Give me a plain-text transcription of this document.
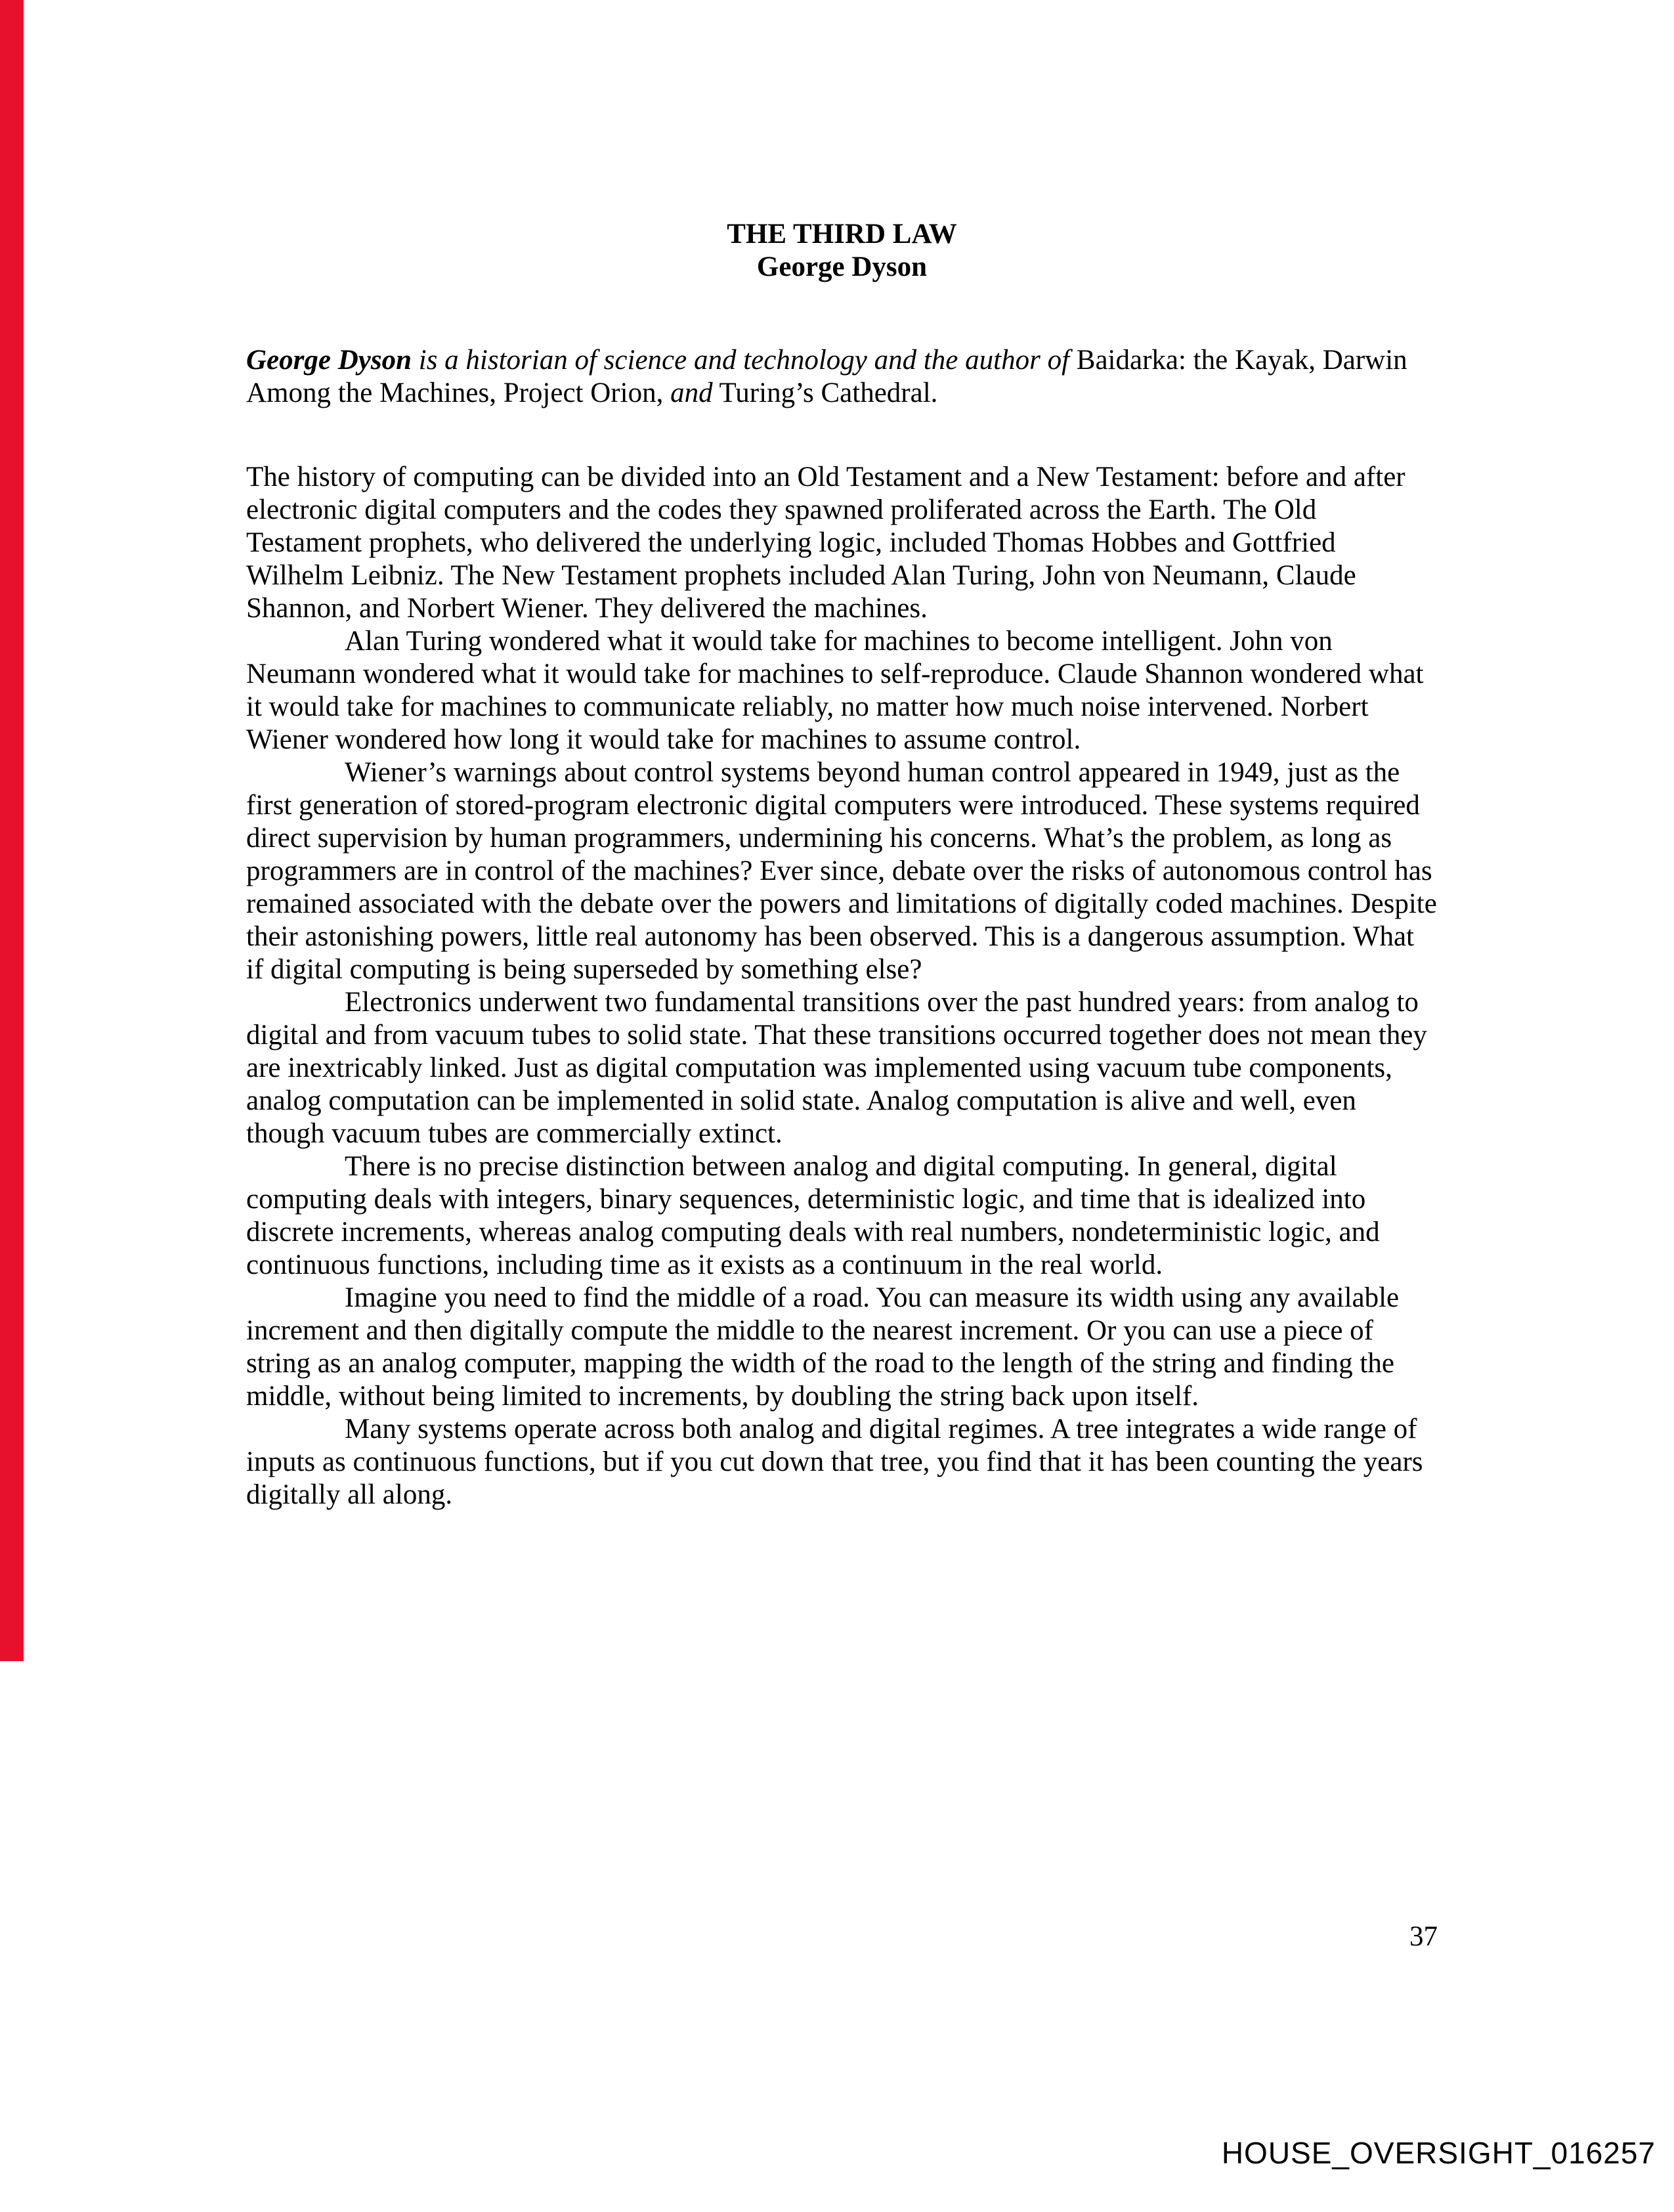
THE THIRD LAW
George Dyson

George Dyson is a historian of science and technology and the author of Baidarka: the Kayak, Darwin Among the Machines, Project Orion, and Turing’s Cathedral.

The history of computing can be divided into an Old Testament and a New Testament: before and after electronic digital computers and the codes they spawned proliferated across the Earth. The Old Testament prophets, who delivered the underlying logic, included Thomas Hobbes and Gottfried Wilhelm Leibniz. The New Testament prophets included Alan Turing, John von Neumann, Claude Shannon, and Norbert Wiener. They delivered the machines.

Alan Turing wondered what it would take for machines to become intelligent. John von Neumann wondered what it would take for machines to self-reproduce. Claude Shannon wondered what it would take for machines to communicate reliably, no matter how much noise intervened. Norbert Wiener wondered how long it would take for machines to assume control.

Wiener’s warnings about control systems beyond human control appeared in 1949, just as the first generation of stored-program electronic digital computers were introduced. These systems required direct supervision by human programmers, undermining his concerns. What’s the problem, as long as programmers are in control of the machines? Ever since, debate over the risks of autonomous control has remained associated with the debate over the powers and limitations of digitally coded machines. Despite their astonishing powers, little real autonomy has been observed. This is a dangerous assumption. What if digital computing is being superseded by something else?

Electronics underwent two fundamental transitions over the past hundred years: from analog to digital and from vacuum tubes to solid state. That these transitions occurred together does not mean they are inextricably linked. Just as digital computation was implemented using vacuum tube components, analog computation can be implemented in solid state. Analog computation is alive and well, even though vacuum tubes are commercially extinct.

There is no precise distinction between analog and digital computing. In general, digital computing deals with integers, binary sequences, deterministic logic, and time that is idealized into discrete increments, whereas analog computing deals with real numbers, nondeterministic logic, and continuous functions, including time as it exists as a continuum in the real world.

Imagine you need to find the middle of a road. You can measure its width using any available increment and then digitally compute the middle to the nearest increment. Or you can use a piece of string as an analog computer, mapping the width of the road to the length of the string and finding the middle, without being limited to increments, by doubling the string back upon itself.

Many systems operate across both analog and digital regimes. A tree integrates a wide range of inputs as continuous functions, but if you cut down that tree, you find that it has been counting the years digitally all along.

37
HOUSE_OVERSIGHT_016257
